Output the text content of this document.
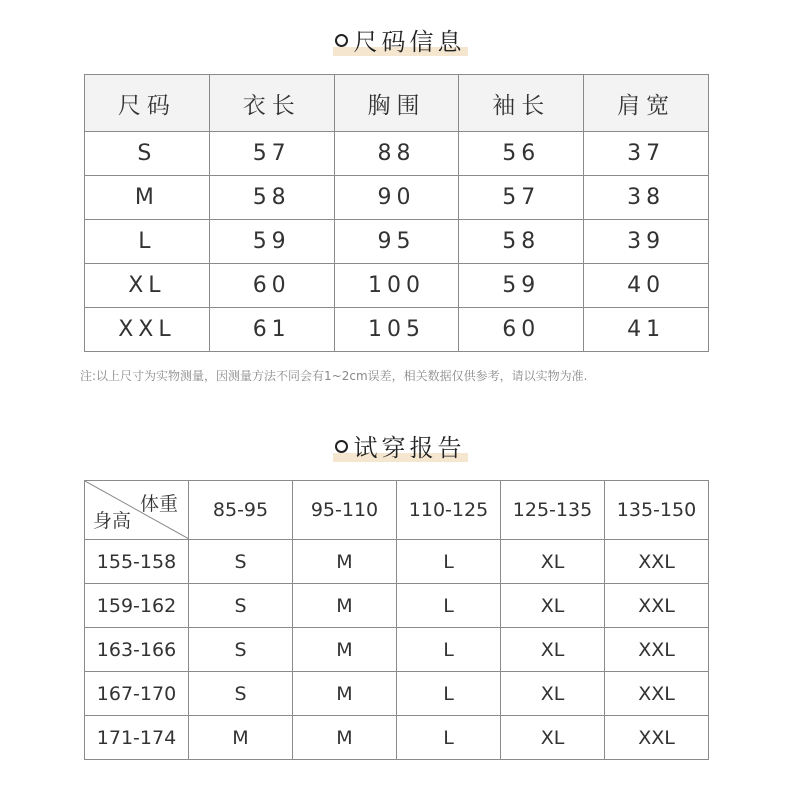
尺码信息
尺码	衣长	胸围	袖长	肩宽
S	57	88	56	37
M	58	90	57	38
L	59	95	58	39
XL	60	100	59	40
XXL	61	105	60	41
注:以上尺寸为实物测量，因测量方法不同会有1~2cm误差，相关数据仅供参考，请以实物为准.
试穿报告
体重
身高	85-95	95-110	110-125	125-135	135-150
155-158	S	M	L	XL	XXL
159-162	S	M	L	XL	XXL
163-166	S	M	L	XL	XXL
167-170	S	M	L	XL	XXL
171-174	M	M	L	XL	XXL
